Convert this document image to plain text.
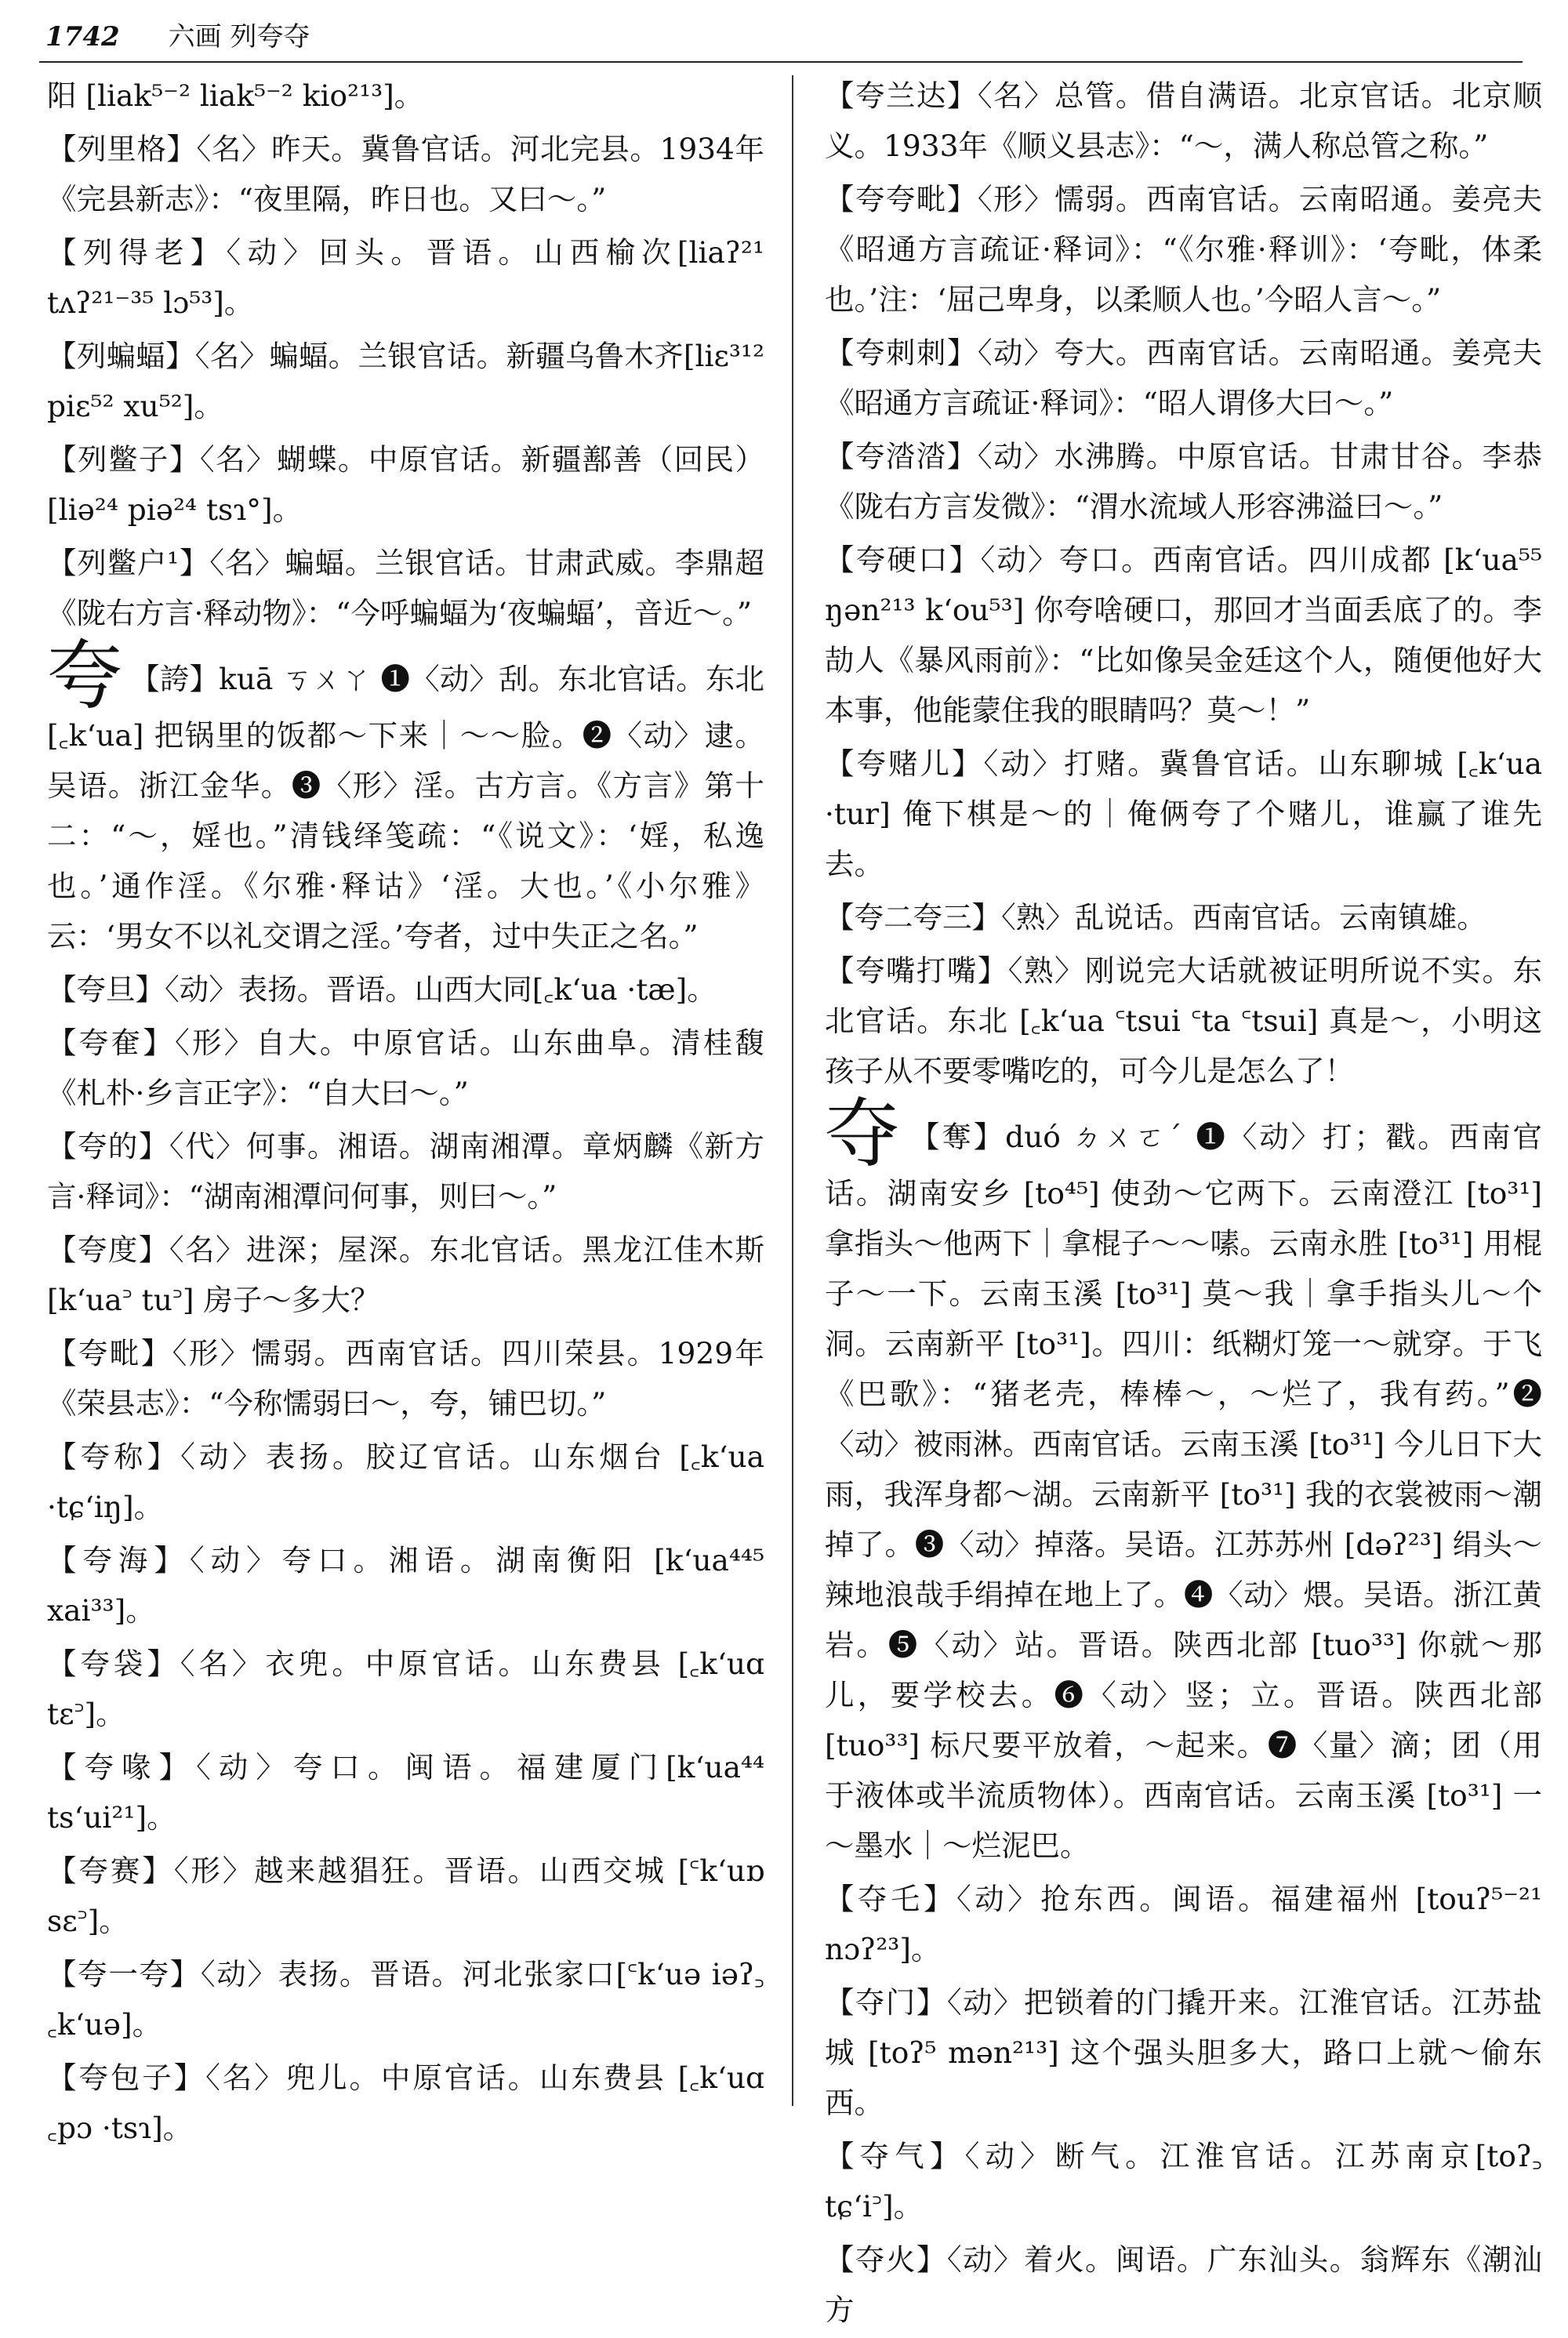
1742 六画 列夸夺

阳 [liak⁵⁻² liak⁵⁻² kio²¹³]。

【列里格】〈名〉昨天。冀鲁官话。河北完县。1934年《完县新志》：“夜里隔，昨日也。又曰～。”

【列得老】〈动〉回头。晋语。山西榆次[liaʔ²¹ tʌʔ²¹⁻³⁵ lɔ⁵³]。

【列蝙蝠】〈名〉蝙蝠。兰银官话。新疆乌鲁木齐[liɛ³¹² piɛ⁵² xu⁵²]。

【列鳖子】〈名〉蝴蝶。中原官话。新疆鄯善（回民）[liə²⁴ piə²⁴ tsɿ°]。

【列鳖户¹】〈名〉蝙蝠。兰银官话。甘肃武威。李鼎超《陇右方言·释动物》：“今呼蝙蝠为‘夜蝙蝠’，音近～。”

夸 【誇】kuā ㄎㄨㄚ ❶〈动〉刮。东北官话。东北[꜀k‘ua] 把锅里的饭都～下来｜～～脸。❷〈动〉逮。吴语。浙江金华。❸〈形〉淫。古方言。《方言》第十二：“～，婬也。”清钱绎笺疏：“《说文》：‘婬，私逸也。’通作淫。《尔雅·释诂》‘淫。大也。’《小尔雅》云：‘男女不以礼交谓之淫。’夸者，过中失正之名。”

【夸旦】〈动〉表扬。晋语。山西大同[꜀k‘ua ·tæ]。

【夸奞】〈形〉自大。中原官话。山东曲阜。清桂馥《札朴·乡言正字》：“自大曰～。”

【夸的】〈代〉何事。湘语。湖南湘潭。章炳麟《新方言·释词》：“湖南湘潭问何事，则曰～。”

【夸度】〈名〉进深；屋深。东北官话。黑龙江佳木斯[k‘ua꜄ tu꜄] 房子～多大？

【夸毗】〈形〉懦弱。西南官话。四川荣县。1929年《荣县志》：“今称懦弱曰～，夸，铺巴切。”

【夸称】〈动〉表扬。胶辽官话。山东烟台 [꜀k‘ua ·tɕ‘iŋ]。

【夸海】〈动〉夸口。湘语。湖南衡阳 [k‘ua⁴⁴⁵ xai³³]。

【夸袋】〈名〉衣兜。中原官话。山东费县 [꜀k‘uɑ tɛ꜄]。

【夸喙】〈动〉夸口。闽语。福建厦门[k‘ua⁴⁴ ts‘ui²¹]。

【夸赛】〈形〉越来越猖狂。晋语。山西交城 [꜂k‘uɒ sɛ꜄]。

【夸一夸】〈动〉表扬。晋语。河北张家口[꜂k‘uə iəʔ꜆ ꜀k‘uə]。

【夸包子】〈名〉兜儿。中原官话。山东费县 [꜀k‘uɑ ꜀pɔ ·tsɿ]。

【夸兰达】〈名〉总管。借自满语。北京官话。北京顺义。1933年《顺义县志》：“～，满人称总管之称。”

【夸夸毗】〈形〉懦弱。西南官话。云南昭通。姜亮夫《昭通方言疏证·释词》：“《尔雅·释训》：‘夸毗，体柔也。’注：‘屈己卑身，以柔顺人也。’今昭人言～。”

【夸刺刺】〈动〉夸大。西南官话。云南昭通。姜亮夫《昭通方言疏证·释词》：“昭人谓侈大曰～。”

【夸涾涾】〈动〉水沸腾。中原官话。甘肃甘谷。李恭《陇右方言发微》：“渭水流域人形容沸溢曰～。”

【夸硬口】〈动〉夸口。西南官话。四川成都 [k‘ua⁵⁵ ŋən²¹³ k‘ou⁵³] 你夸啥硬口，那回才当面丢底了的。李劼人《暴风雨前》：“比如像吴金廷这个人，随便他好大本事，他能蒙住我的眼睛吗？莫～！”

【夸赌儿】〈动〉打赌。冀鲁官话。山东聊城 [꜀k‘ua ·tur] 俺下棋是～的｜俺俩夸了个赌儿，谁赢了谁先去。

【夸二夸三】〈熟〉乱说话。西南官话。云南镇雄。

【夸嘴打嘴】〈熟〉刚说完大话就被证明所说不实。东北官话。东北 [꜀k‘ua ꜂tsui ꜂ta ꜂tsui] 真是～，小明这孩子从不要零嘴吃的，可今儿是怎么了！

夺 【奪】duó ㄉㄨㄛˊ ❶〈动〉打；戳。西南官话。湖南安乡 [to⁴⁵] 使劲～它两下。云南澄江 [to³¹] 拿指头～他两下｜拿棍子～～嗉。云南永胜 [to³¹] 用棍子～一下。云南玉溪 [to³¹] 莫～我｜拿手指头儿～个洞。云南新平 [to³¹]。四川：纸糊灯笼一～就穿。于飞《巴歌》：“猪老壳，棒棒～，～烂了，我有药。”❷〈动〉被雨淋。西南官话。云南玉溪 [to³¹] 今儿日下大雨，我浑身都～湖。云南新平 [to³¹] 我的衣裳被雨～潮掉了。❸〈动〉掉落。吴语。江苏苏州 [dəʔ²³] 绢头～辣地浪哉手绢掉在地上了。❹〈动〉煨。吴语。浙江黄岩。❺〈动〉站。晋语。陕西北部 [tuo³³] 你就～那儿，要学校去。❻〈动〉竖；立。晋语。陕西北部 [tuo³³] 标尺要平放着，～起来。❼〈量〉滴；团（用于液体或半流质物体）。西南官话。云南玉溪 [to³¹] 一～墨水｜～烂泥巴。

【夺乇】〈动〉抢东西。闽语。福建福州 [touʔ⁵⁻²¹ nɔʔ²³]。

【夺门】〈动〉把锁着的门撬开来。江淮官话。江苏盐城 [toʔ⁵ mən²¹³] 这个强头胆多大，路口上就～偷东西。

【夺气】〈动〉断气。江淮官话。江苏南京[toʔ꜆ tɕ‘i꜄]。

【夺火】〈动〉着火。闽语。广东汕头。翁辉东《潮汕方
